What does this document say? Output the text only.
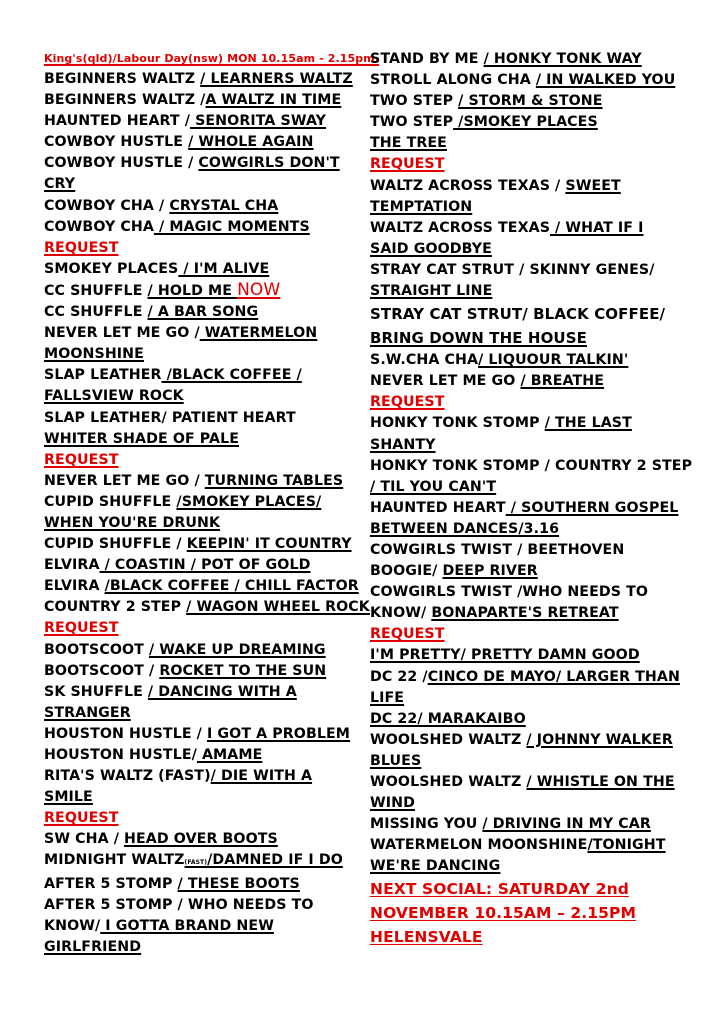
King's(qld)/Labour Day(nsw) MON 10.15am - 2.15pm.
BEGINNERS WALTZ / LEARNERS WALTZ
BEGINNERS WALTZ /A WALTZ IN TIME
HAUNTED HEART / SENORITA SWAY
COWBOY HUSTLE / WHOLE AGAIN
COWBOY HUSTLE / COWGIRLS DON'T
CRY
COWBOY CHA / CRYSTAL CHA
COWBOY CHA / MAGIC MOMENTS
REQUEST
SMOKEY PLACES / I'M ALIVE
CC SHUFFLE / HOLD ME NOW
CC SHUFFLE / A BAR SONG
NEVER LET ME GO / WATERMELON
MOONSHINE
SLAP LEATHER /BLACK COFFEE /
FALLSVIEW ROCK
SLAP LEATHER/ PATIENT HEART
WHITER SHADE OF PALE
REQUEST
NEVER LET ME GO / TURNING TABLES
CUPID SHUFFLE /SMOKEY PLACES/
WHEN YOU'RE DRUNK
CUPID SHUFFLE / KEEPIN' IT COUNTRY
ELVIRA / COASTIN / POT OF GOLD
ELVIRA /BLACK COFFEE / CHILL FACTOR
COUNTRY 2 STEP / WAGON WHEEL ROCK
REQUEST
BOOTSCOOT / WAKE UP DREAMING
BOOTSCOOT / ROCKET TO THE SUN
SK SHUFFLE / DANCING WITH A
STRANGER
HOUSTON HUSTLE / I GOT A PROBLEM
HOUSTON HUSTLE/ AMAME
RITA'S WALTZ (FAST)/ DIE WITH A
SMILE
REQUEST
SW CHA / HEAD OVER BOOTS
MIDNIGHT WALTZ(FAST)/DAMNED IF I DO
AFTER 5 STOMP / THESE BOOTS
AFTER 5 STOMP / WHO NEEDS TO
KNOW/ I GOTTA BRAND NEW
GIRLFRIEND
STAND BY ME / HONKY TONK WAY
STROLL ALONG CHA / IN WALKED YOU
TWO STEP / STORM & STONE
TWO STEP /SMOKEY PLACES
THE TREE
REQUEST
WALTZ ACROSS TEXAS / SWEET
TEMPTATION
WALTZ ACROSS TEXAS / WHAT IF I
SAID GOODBYE
STRAY CAT STRUT / SKINNY GENES/
STRAIGHT LINE
STRAY CAT STRUT/ BLACK COFFEE/
BRING DOWN THE HOUSE
S.W.CHA CHA/ LIQUOUR TALKIN'
NEVER LET ME GO / BREATHE
REQUEST
HONKY TONK STOMP / THE LAST
SHANTY
HONKY TONK STOMP / COUNTRY 2 STEP
/ TIL YOU CAN'T
HAUNTED HEART / SOUTHERN GOSPEL
BETWEEN DANCES/3.16
COWGIRLS TWIST / BEETHOVEN
BOOGIE/ DEEP RIVER
COWGIRLS TWIST /WHO NEEDS TO
KNOW/ BONAPARTE'S RETREAT
REQUEST
I'M PRETTY/ PRETTY DAMN GOOD
DC 22 /CINCO DE MAYO/ LARGER THAN
LIFE
DC 22/ MARAKAIBO
WOOLSHED WALTZ / JOHNNY WALKER
BLUES
WOOLSHED WALTZ / WHISTLE ON THE
WIND
MISSING YOU / DRIVING IN MY CAR
WATERMELON MOONSHINE/TONIGHT
WE'RE DANCING
NEXT SOCIAL: SATURDAY 2nd
NOVEMBER 10.15AM – 2.15PM
HELENSVALE
